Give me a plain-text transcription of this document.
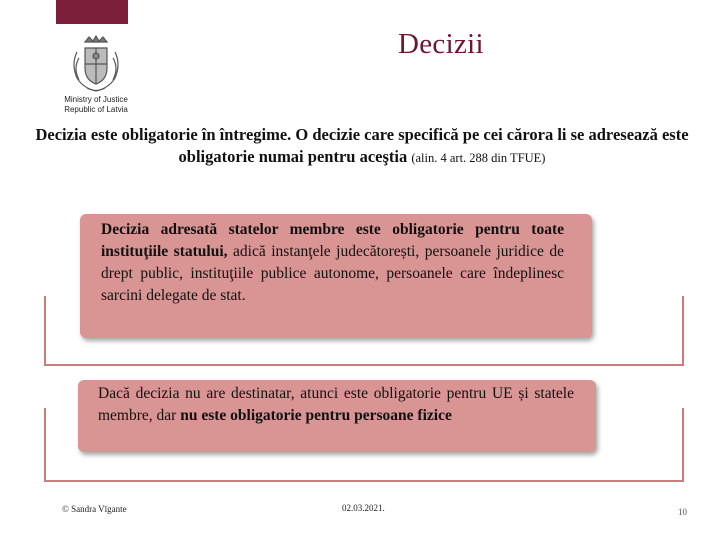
Ministry of Justice
Republic of Latvia
Decizii
Decizia este obligatorie în întregime. O decizie care specifică pe cei cărora li se adresează este obligatorie numai pentru aceştia (alin. 4 art. 288 din TFUE)
Decizia adresată statelor membre este obligatorie pentru toate instituţiile statului, adică instanţele judecătorești, persoanele juridice de drept public, instituţiile publice autonome, persoanele care îndeplinesc sarcini delegate de stat.
Dacă decizia nu are destinatar, atunci este obligatorie pentru UE și statele membre, dar nu este obligatorie pentru persoane fizice
© Sandra Vīgante	02.03.2021.	10
